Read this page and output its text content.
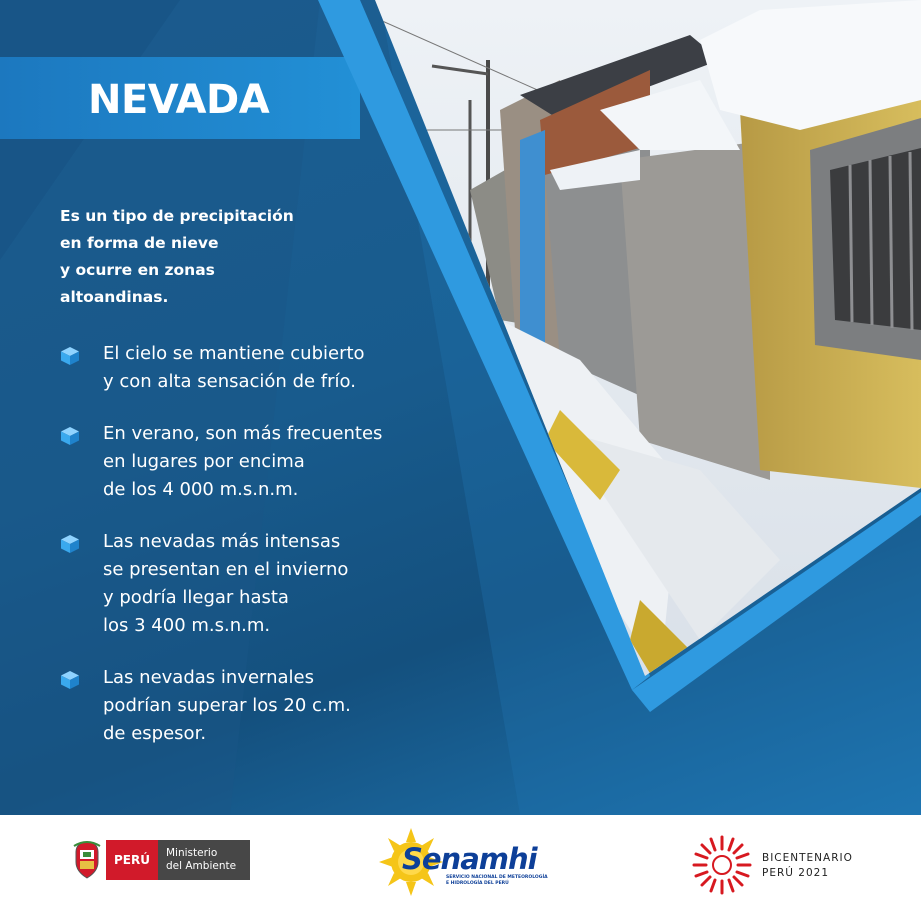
NEVADA

Es un tipo de precipitación
en forma de nieve
y ocurre en zonas
altoandinas.

El cielo se mantiene cubierto
y con alta sensación de frío.
En verano, son más frecuentes
en lugares por encima
de los 4 000 m.s.n.m.
Las nevadas más intensas
se presentan en el invierno
y podría llegar hasta
los 3 400 m.s.n.m.
Las nevadas invernales
podrían superar los 20 c.m.
de espesor.
PERÚ	Ministerio
del Ambiente	Senamhi

SERVICIO NACIONAL DE METEOROLOGÍA
E HIDROLOGÍA DEL PERÚ

BICENTENARIO
PERÚ 2021
